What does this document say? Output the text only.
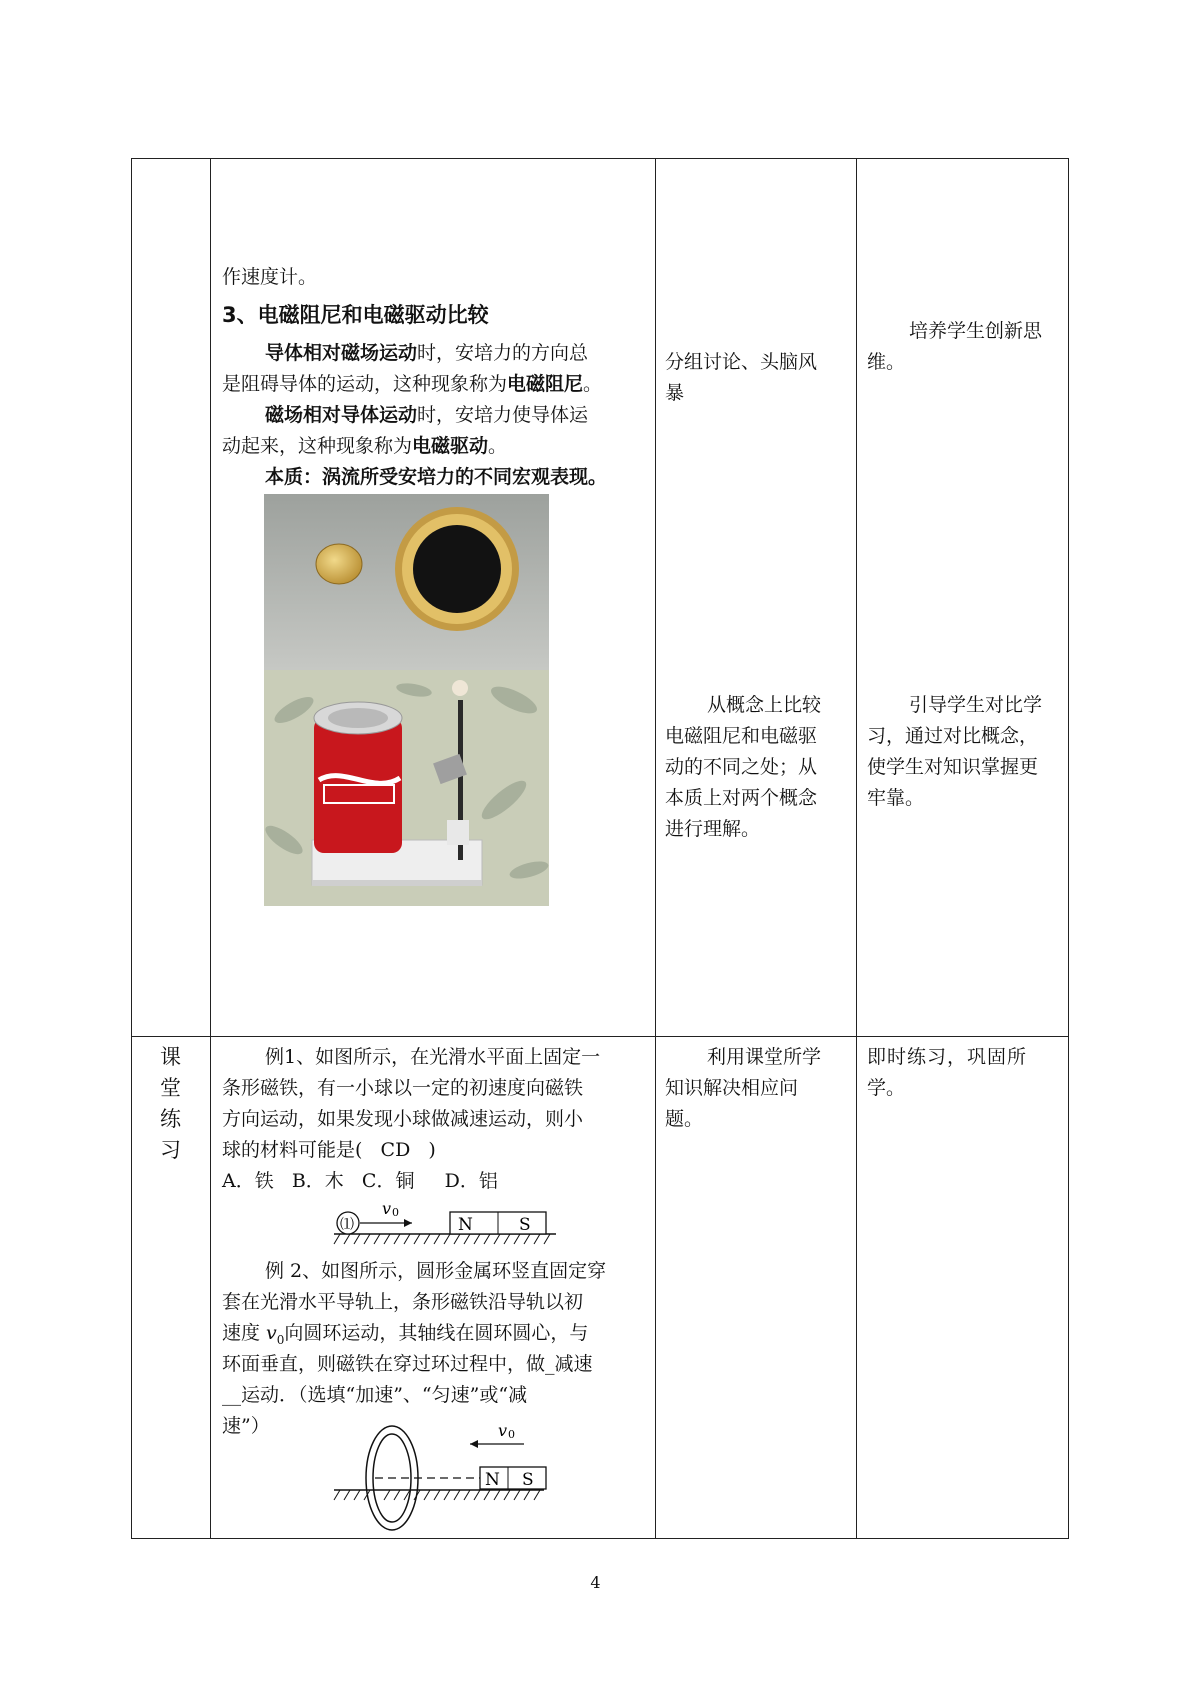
作速度计。
3、电磁阻尼和电磁驱动比较
导体相对磁场运动时，安培力的方向总
是阻碍导体的运动，这种现象称为电磁阻尼。
磁场相对导体运动时，安培力使导体运
动起来，这种现象称为电磁驱动。
本质：涡流所受安培力的不同宏观表现。
分组讨论、头脑风
暴
从概念上比较
电磁阻尼和电磁驱
动的不同之处；从
本质上对两个概念
进行理解。
培养学生创新思
维。
引导学生对比学
习，通过对比概念，
使学生对知识掌握更
牢靠。
课
堂
练
习
例1、如图所示，在光滑水平面上固定一
条形磁铁，有一小球以一定的初速度向磁铁
方向运动，如果发现小球做减速运动，则小
球的材料可能是(   CD   )
A．铁   B．木   C．铜     D．铝
⑴
v 0
N	S
例 2、如图所示，圆形金属环竖直固定穿
套在光滑水平导轨上，条形磁铁沿导轨以初
速度 $v_0$向圆环运动，其轴线在圆环圆心，与
环面垂直，则磁铁在穿过环过程中，做_减速
__运动．（选填“加速”、“匀速”或“减
速”）
N S
v 0
利用课堂所学
知识解决相应问
题。
即时练习，巩固所
学。
4
